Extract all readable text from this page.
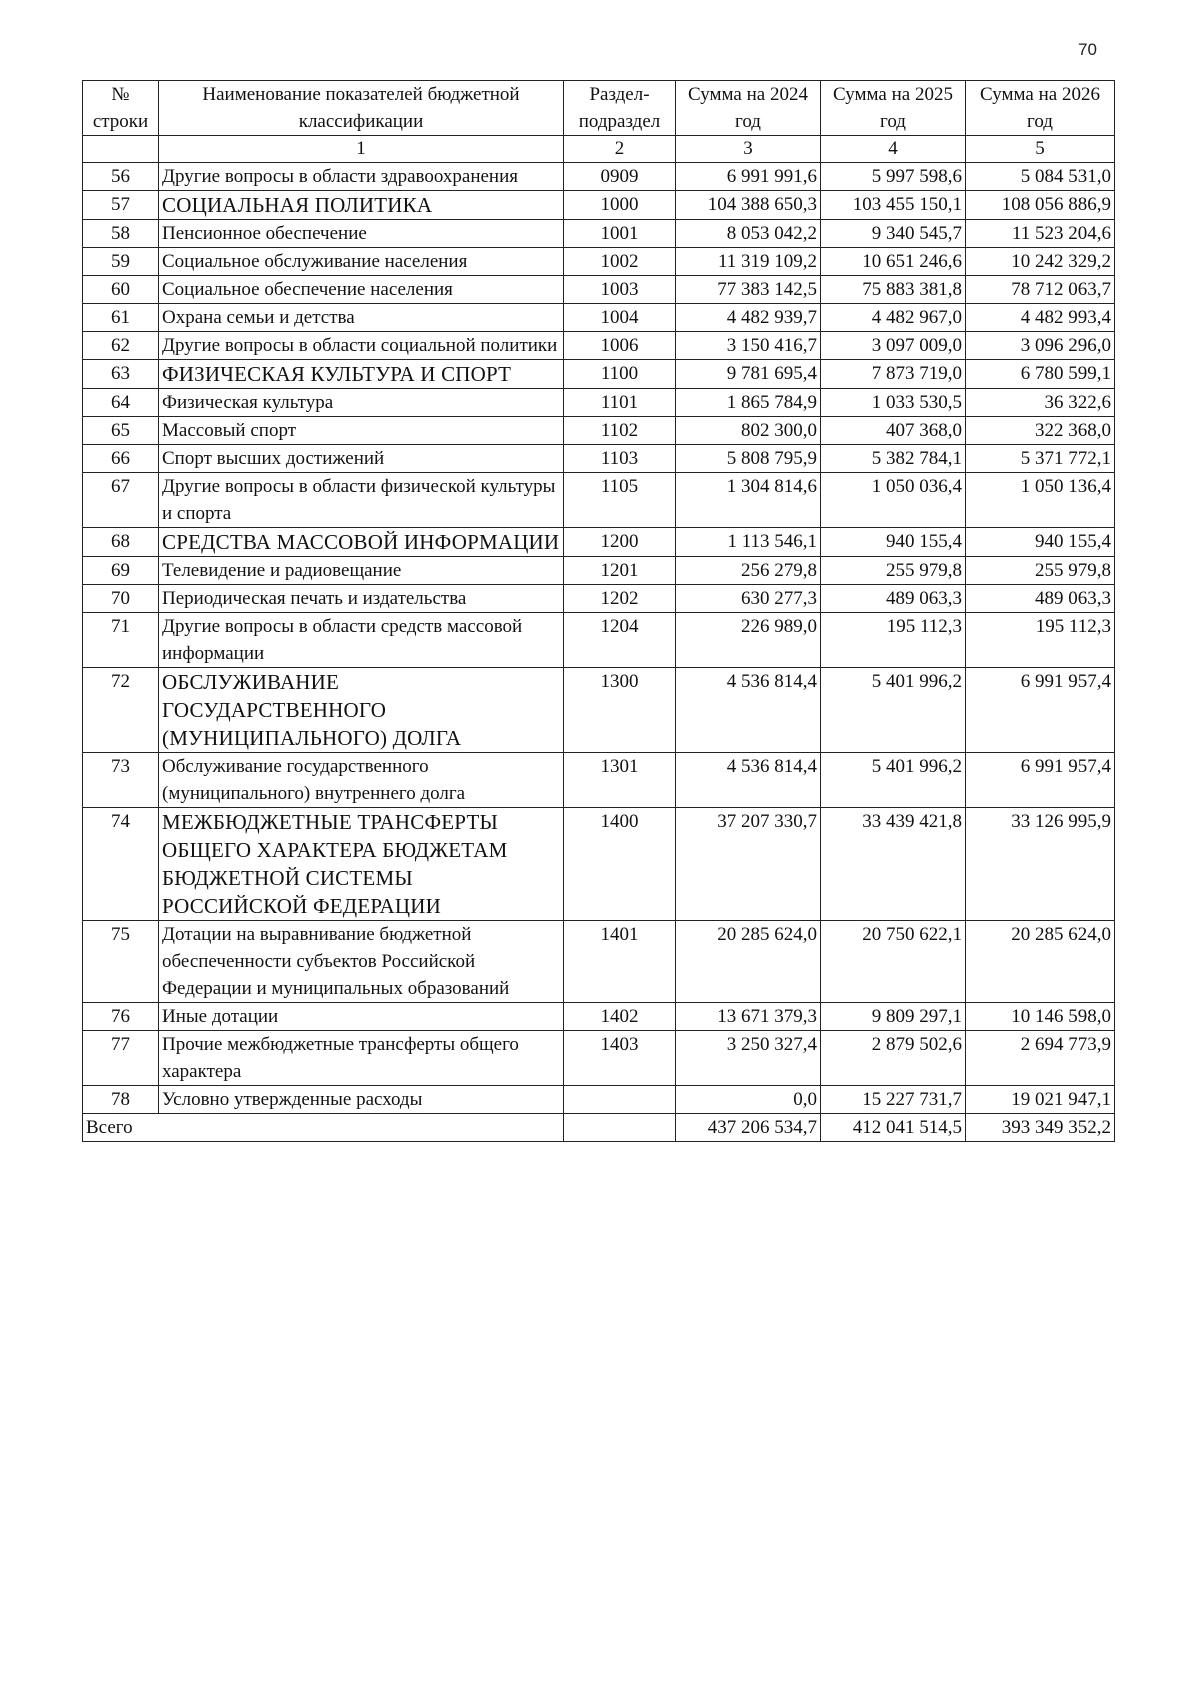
70
№ строки	Наименование показателей бюджетной классификации	Раздел-подраздел	Сумма на 2024 год	Сумма на 2025 год	Сумма на 2026 год
	1	2	3	4	5
56	Другие вопросы в области здравоохранения	0909	6 991 991,6	5 997 598,6	5 084 531,0
57	СОЦИАЛЬНАЯ ПОЛИТИКА	1000	104 388 650,3	103 455 150,1	108 056 886,9
58	Пенсионное обеспечение	1001	8 053 042,2	9 340 545,7	11 523 204,6
59	Социальное обслуживание населения	1002	11 319 109,2	10 651 246,6	10 242 329,2
60	Социальное обеспечение населения	1003	77 383 142,5	75 883 381,8	78 712 063,7
61	Охрана семьи и детства	1004	4 482 939,7	4 482 967,0	4 482 993,4
62	Другие вопросы в области социальной политики	1006	3 150 416,7	3 097 009,0	3 096 296,0
63	ФИЗИЧЕСКАЯ КУЛЬТУРА И СПОРТ	1100	9 781 695,4	7 873 719,0	6 780 599,1
64	Физическая культура	1101	1 865 784,9	1 033 530,5	36 322,6
65	Массовый спорт	1102	802 300,0	407 368,0	322 368,0
66	Спорт высших достижений	1103	5 808 795,9	5 382 784,1	5 371 772,1
67	Другие вопросы в области физической культуры и спорта	1105	1 304 814,6	1 050 036,4	1 050 136,4
68	СРЕДСТВА МАССОВОЙ ИНФОРМАЦИИ	1200	1 113 546,1	940 155,4	940 155,4
69	Телевидение и радиовещание	1201	256 279,8	255 979,8	255 979,8
70	Периодическая печать и издательства	1202	630 277,3	489 063,3	489 063,3
71	Другие вопросы в области средств массовой информации	1204	226 989,0	195 112,3	195 112,3
72	ОБСЛУЖИВАНИЕ ГОСУДАРСТВЕННОГО (МУНИЦИПАЛЬНОГО) ДОЛГА	1300	4 536 814,4	5 401 996,2	6 991 957,4
73	Обслуживание государственного (муниципального) внутреннего долга	1301	4 536 814,4	5 401 996,2	6 991 957,4
74	МЕЖБЮДЖЕТНЫЕ ТРАНСФЕРТЫ ОБЩЕГО ХАРАКТЕРА БЮДЖЕТАМ БЮДЖЕТНОЙ СИСТЕМЫ РОССИЙСКОЙ ФЕДЕРАЦИИ	1400	37 207 330,7	33 439 421,8	33 126 995,9
75	Дотации на выравнивание бюджетной обеспеченности субъектов Российской Федерации и муниципальных образований	1401	20 285 624,0	20 750 622,1	20 285 624,0
76	Иные дотации	1402	13 671 379,3	9 809 297,1	10 146 598,0
77	Прочие межбюджетные трансферты общего характера	1403	3 250 327,4	2 879 502,6	2 694 773,9
78	Условно утвержденные расходы		0,0	15 227 731,7	19 021 947,1
Всего			437 206 534,7	412 041 514,5	393 349 352,2
